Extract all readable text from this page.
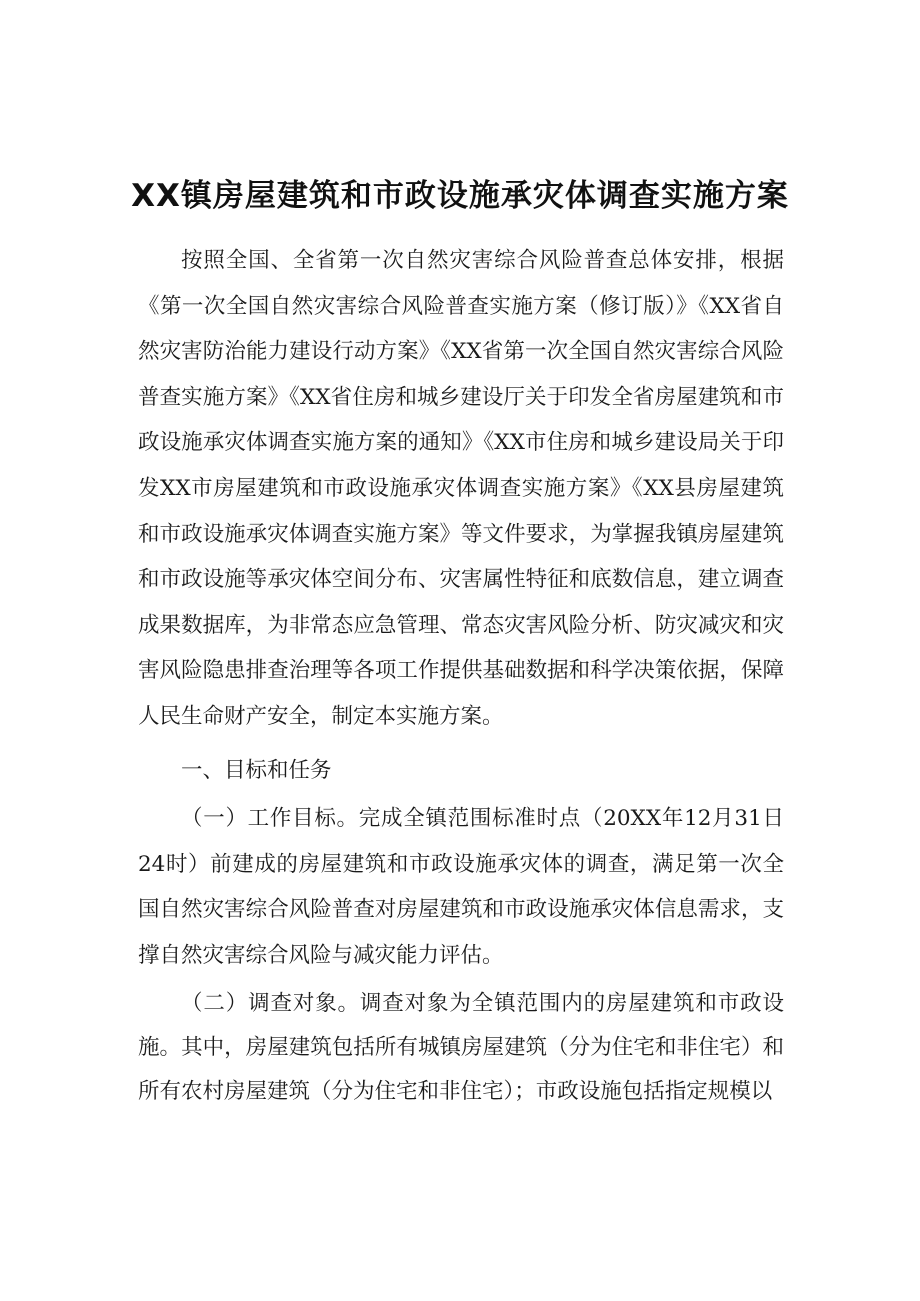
XX镇房屋建筑和市政设施承灾体调查实施方案

按照全国、全省第一次自然灾害综合风险普查总体安排，根据《第一次全国自然灾害综合风险普查实施方案（修订版）》《XX省自然灾害防治能力建设行动方案》《XX省第一次全国自然灾害综合风险普查实施方案》《XX省住房和城乡建设厅关于印发全省房屋建筑和市政设施承灾体调查实施方案的通知》《XX市住房和城乡建设局关于印发XX市房屋建筑和市政设施承灾体调查实施方案》《XX县房屋建筑和市政设施承灾体调查实施方案》等文件要求，为掌握我镇房屋建筑和市政设施等承灾体空间分布、灾害属性特征和底数信息，建立调查成果数据库，为非常态应急管理、常态灾害风险分析、防灾减灾和灾害风险隐患排查治理等各项工作提供基础数据和科学决策依据，保障人民生命财产安全，制定本实施方案。

一、目标和任务

（一）工作目标。完成全镇范围标准时点（20XX年12月31日24时）前建成的房屋建筑和市政设施承灾体的调查，满足第一次全国自然灾害综合风险普查对房屋建筑和市政设施承灾体信息需求，支撑自然灾害综合风险与减灾能力评估。

（二）调查对象。调查对象为全镇范围内的房屋建筑和市政设施。其中，房屋建筑包括所有城镇房屋建筑（分为住宅和非住宅）和所有农村房屋建筑（分为住宅和非住宅）；市政设施包括指定规模以
